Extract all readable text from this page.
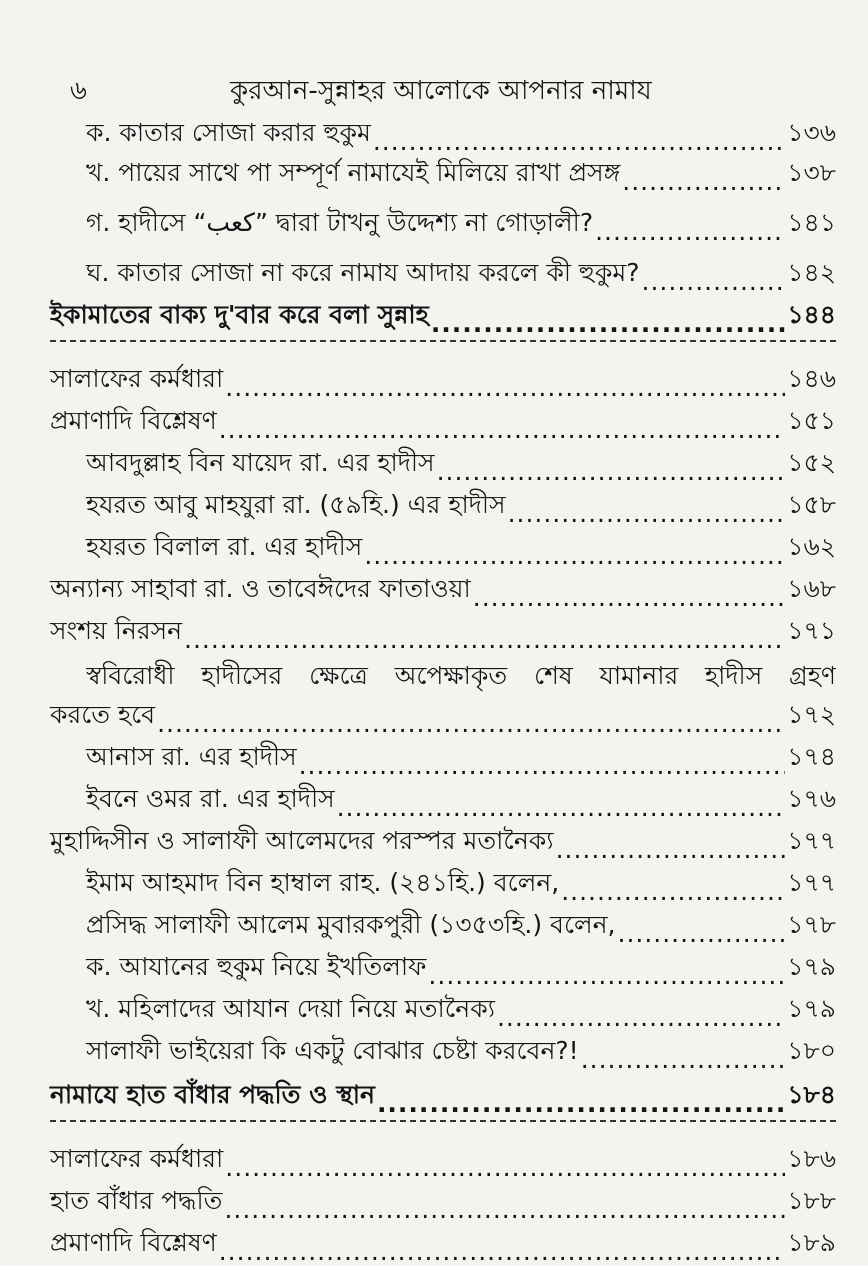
৬	কুরআন-সুন্নাহর আলোকে আপনার নামায
ক. কাতার সোজা করার হুকুম .....	১৩৬
খ. পায়ের সাথে পা সম্পূর্ণ নামাযেই মিলিয়ে রাখা প্রসঙ্গ .....	১৩৮
গ. হাদীসে “كعب” দ্বারা টাখনু উদ্দেশ্য না গোড়ালী? .....	১৪১
ঘ. কাতার সোজা না করে নামায আদায় করলে কী হুকুম? .....	১৪২
ইকামাতের বাক্য দু'বার করে বলা সুন্নাহ .....	১৪৪
সালাফের কর্মধারা .....	১৪৬
প্রমাণাদি বিশ্লেষণ .....	১৫১
আবদুল্লাহ বিন যায়েদ রা. এর হাদীস .....	১৫২
হযরত আবু মাহযুরা রা. (৫৯হি.) এর হাদীস .....	১৫৮
হযরত বিলাল রা. এর হাদীস .....	১৬২
অন্যান্য সাহাবা রা. ও তাবেঈদের ফাতাওয়া .....	১৬৮
সংশয় নিরসন .....	১৭১
স্ববিরোধী হাদীসের ক্ষেত্রে অপেক্ষাকৃত শেষ যামানার হাদীস গ্রহণ
করতে হবে .....	১৭২
আনাস রা. এর হাদীস .....	১৭৪
ইবনে ওমর রা. এর হাদীস .....	১৭৬
মুহাদ্দিসীন ও সালাফী আলেমদের পরস্পর মতানৈক্য .....	১৭৭
ইমাম আহমাদ বিন হাম্বাল রাহ. (২৪১হি.) বলেন, .....	১৭৭
প্রসিদ্ধ সালাফী আলেম মুবারকপুরী (১৩৫৩হি.) বলেন, .....	১৭৮
ক. আযানের হুকুম নিয়ে ইখতিলাফ .....	১৭৯
খ. মহিলাদের আযান দেয়া নিয়ে মতানৈক্য .....	১৭৯
সালাফী ভাইয়েরা কি একটু বোঝার চেষ্টা করবেন?! .....	১৮০
নামাযে হাত বাঁধার পদ্ধতি ও স্থান .....	১৮৪
সালাফের কর্মধারা .....	১৮৬
হাত বাঁধার পদ্ধতি .....	১৮৮
প্রমাণাদি বিশ্লেষণ .....	১৮৯
